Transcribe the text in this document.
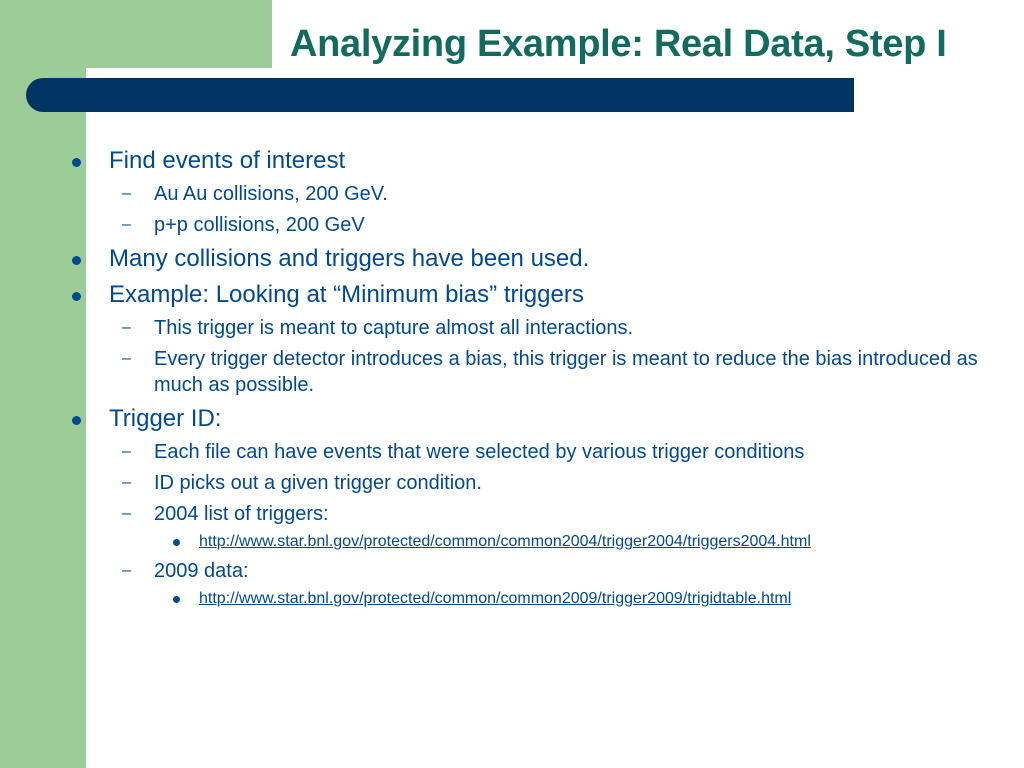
Analyzing Example: Real Data, Step I
Find events of interest
– Au Au collisions, 200 GeV.
– p+p collisions, 200 GeV
Many collisions and triggers have been used.
Example: Looking at “Minimum bias” triggers
– This trigger is meant to capture almost all interactions.
– Every trigger detector introduces a bias, this trigger is meant to reduce the bias introduced as much as possible.
Trigger ID:
– Each file can have events that were selected by various trigger conditions
– ID picks out a given trigger condition.
– 2004 list of triggers:
http://www.star.bnl.gov/protected/common/common2004/trigger2004/triggers2004.html
– 2009 data:
http://www.star.bnl.gov/protected/common/common2009/trigger2009/trigidtable.html
